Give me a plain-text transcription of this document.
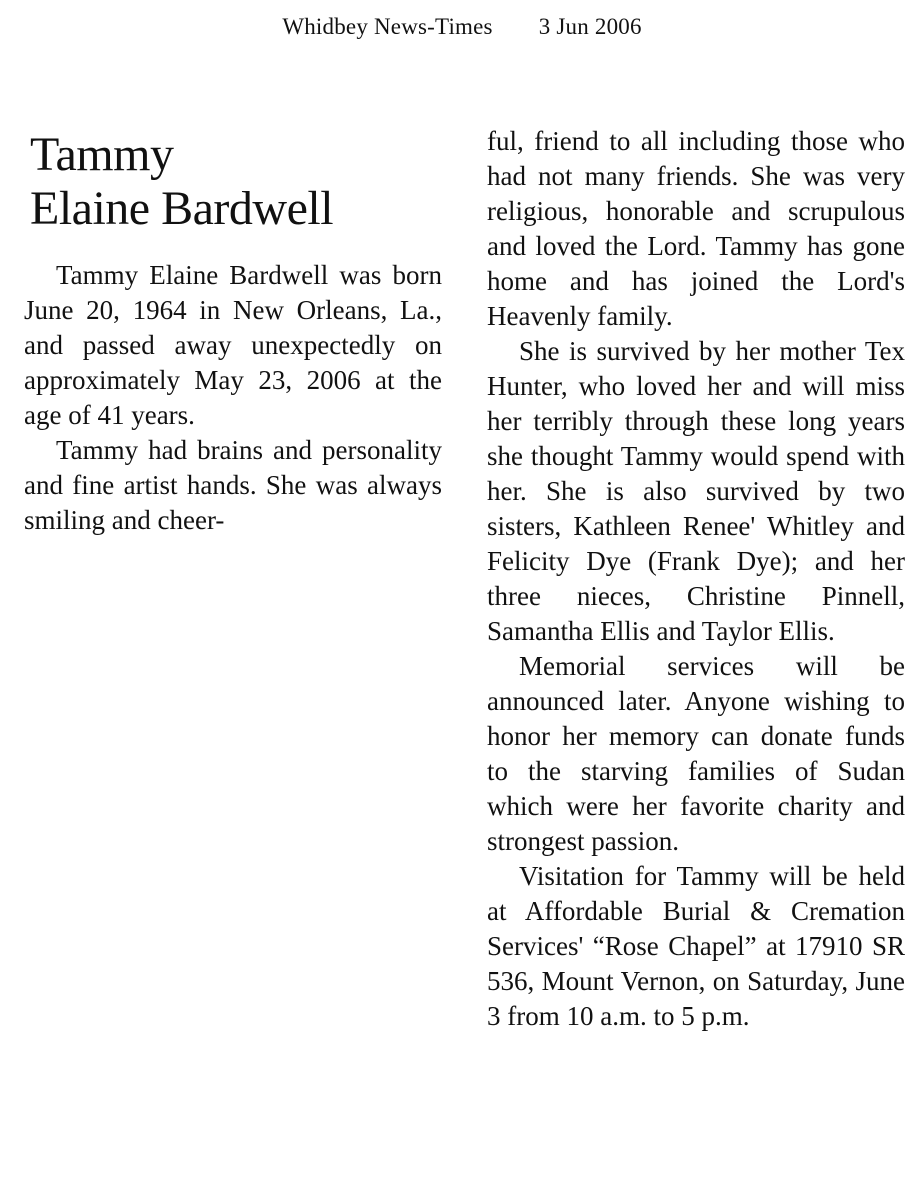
Whidbey News-Times 3 Jun 2006
Tammy
Elaine Bardwell

Tammy Elaine Bardwell was born June 20, 1964 in New Orleans, La., and passed away unexpectedly on approximately May 23, 2006 at the age of 41 years.

Tammy had brains and personality and fine artist hands. She was always smiling and cheer-

ful, friend to all including those who had not many friends. She was very religious, honorable and scrupulous and loved the Lord. Tammy has gone home and has joined the Lord's Heavenly family.

She is survived by her mother Tex Hunter, who loved her and will miss her terribly through these long years she thought Tammy would spend with her. She is also survived by two sisters, Kathleen Renee' Whitley and Felicity Dye (Frank Dye); and her three nieces, Christine Pinnell, Samantha Ellis and Taylor Ellis.

Memorial services will be announced later. Anyone wishing to honor her memory can donate funds to the starving families of Sudan which were her favorite charity and strongest passion.

Visitation for Tammy will be held at Affordable Burial & Cremation Services' “Rose Chapel” at 17910 SR 536, Mount Vernon, on Saturday, June 3 from 10 a.m. to 5 p.m.
